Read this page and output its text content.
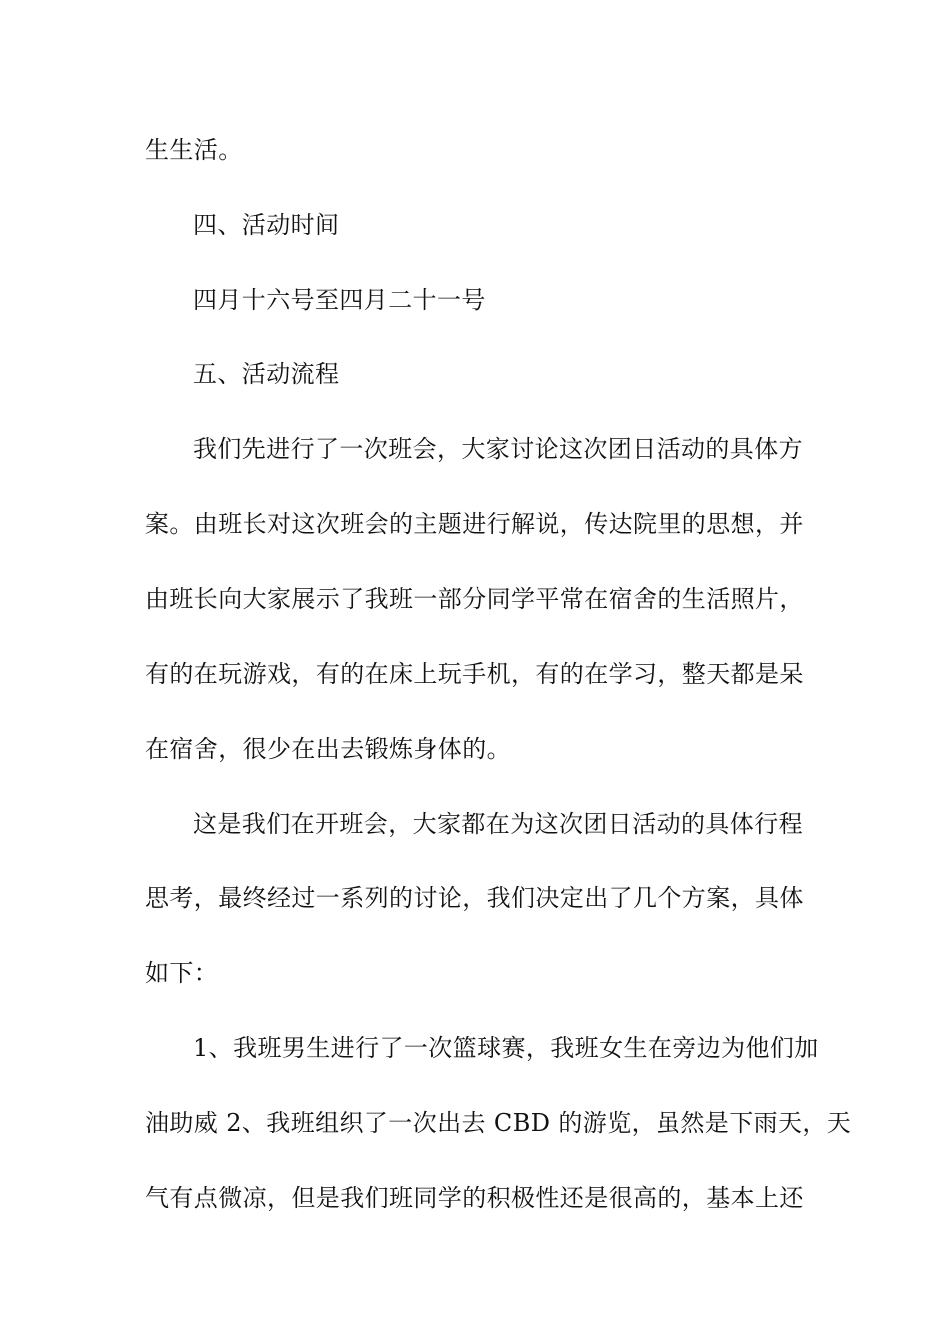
生生活。
四、活动时间
四月十六号至四月二十一号
五、活动流程
我们先进行了一次班会，大家讨论这次团日活动的具体方
案。由班长对这次班会的主题进行解说，传达院里的思想，并
由班长向大家展示了我班一部分同学平常在宿舍的生活照片，
有的在玩游戏，有的在床上玩手机，有的在学习，整天都是呆
在宿舍，很少在出去锻炼身体的。
这是我们在开班会，大家都在为这次团日活动的具体行程
思考，最终经过一系列的讨论，我们决定出了几个方案，具体
如下：
1、我班男生进行了一次篮球赛，我班女生在旁边为他们加
油助威 2、我班组织了一次出去 CBD 的游览，虽然是下雨天，天
气有点微凉，但是我们班同学的积极性还是很高的，基本上还
